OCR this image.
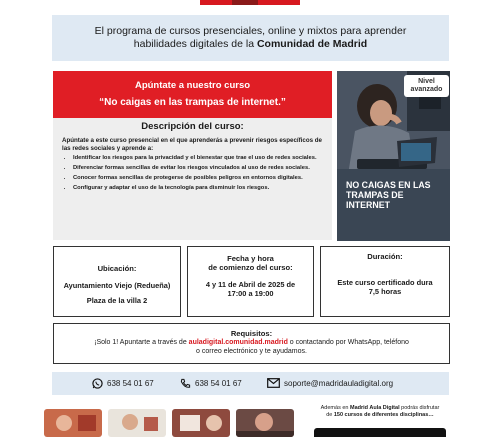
El programa de cursos presenciales, online y mixtos para aprender
habilidades digitales de la Comunidad de Madrid
Apúntate a nuestro curso
“No caigas en las trampas de internet.”
Descripción del curso:
Apúntate a este curso presencial en el que aprenderás a prevenir riesgos específicos de las redes sociales y aprende a:
• Identificar los riesgos para la privacidad y el bienestar que trae el uso de redes sociales.
• Diferenciar formas sencillas de evitar los riesgos vinculados al uso de redes sociales.
• Conocer formas sencillas de protegerse de posibles peligros en entornos digitales.
• Configurar y adaptar el uso de la tecnología para disminuir los riesgos.
Nivel
avanzado
NO CAIGAS EN LAS
TRAMPAS DE
INTERNET
Ubicación:
Ayuntamiento Viejo (Redueña)
Plaza de la villa 2
Fecha y hora
de comienzo del curso:
4 y 11 de Abril de 2025 de
17:00 a 19:00
Duración:
Este curso certificado dura
7,5 horas
Requisitos:
¡Solo 1! Apuntarte a través de auladigital.comunidad.madrid o contactando por WhatsApp, teléfono
o correo electrónico y te ayudamos.
638 54 01 67	638 54 01 67	soporte@madridauladigital.org
Además en Madrid Aula Digital podrás disfrutar
de 150 cursos de diferentes disciplinas…
